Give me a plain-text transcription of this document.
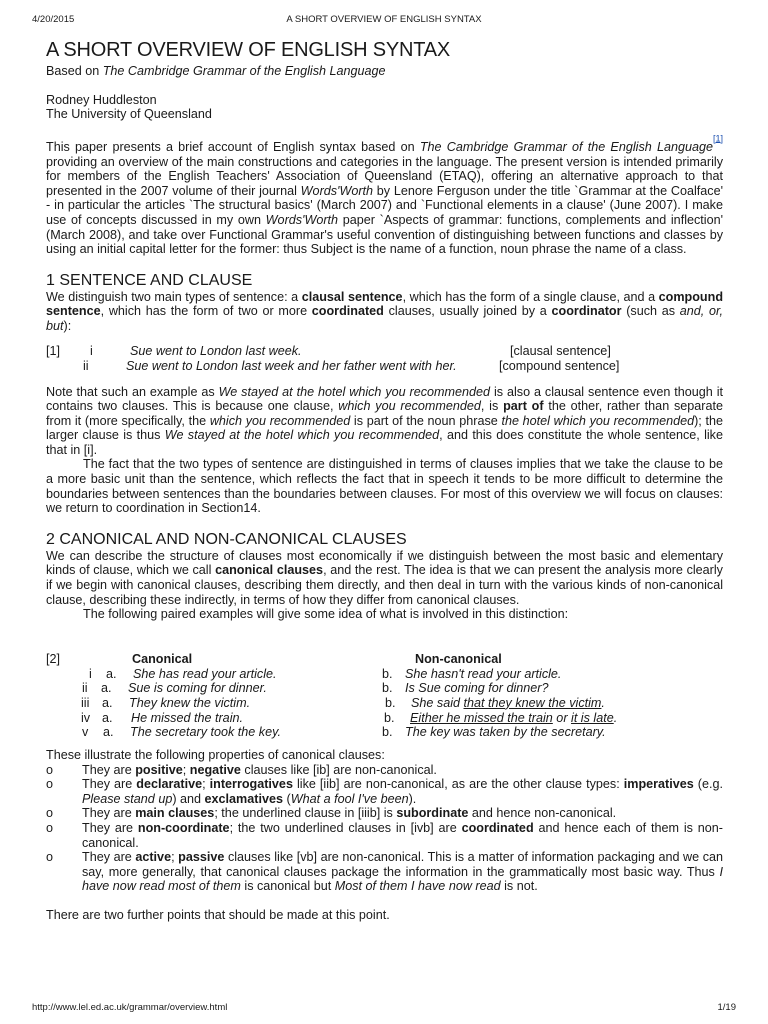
4/20/2015	A SHORT OVERVIEW OF ENGLISH SYNTAX
A SHORT OVERVIEW OF ENGLISH SYNTAX
Based on The Cambridge Grammar of the English Language
Rodney Huddleston
The University of Queensland

This paper presents a brief account of English syntax based on The Cambridge Grammar of the English Language[1] providing an overview of the main constructions and categories in the language. The present version is intended primarily for members of the English Teachers' Association of Queensland (ETAQ), offering an alternative approach to that presented in the 2007 volume of their journal Words'Worth by Lenore Ferguson under the title `Grammar at the Coalface' - in particular the articles `The structural basics' (March 2007) and `Functional elements in a clause' (June 2007). I make use of concepts discussed in my own Words'Worth paper `Aspects of grammar: functions, complements and inflection' (March 2008), and take over Functional Grammar's useful convention of distinguishing between functions and classes by using an initial capital letter for the former: thus Subject is the name of a function, noun phrase the name of a class.

1 SENTENCE AND CLAUSE

We distinguish two main types of sentence: a clausal sentence, which has the form of a single clause, and a compound sentence, which has the form of two or more coordinated clauses, usually joined by a coordinator (such as and, or, but):

[1] i	Sue went to London last week.	[clausal sentence]
ii	Sue went to London last week and her father went with her.	[compound sentence]

Note that such an example as We stayed at the hotel which you recommended is also a clausal sentence even though it contains two clauses. This is because one clause, which you recommended, is part of the other, rather than separate from it (more specifically, the which you recommended is part of the noun phrase the hotel which you recommended); the larger clause is thus We stayed at the hotel which you recommended, and this does constitute the whole sentence, like that in [i].

The fact that the two types of sentence are distinguished in terms of clauses implies that we take the clause to be a more basic unit than the sentence, which reflects the fact that in speech it tends to be more difficult to determine the boundaries between sentences than the boundaries between clauses. For most of this overview we will focus on clauses: we return to coordination in Section14.

2 CANONICAL AND NON-CANONICAL CLAUSES

We can describe the structure of clauses most economically if we distinguish between the most basic and elementary kinds of clause, which we call canonical clauses, and the rest. The idea is that we can present the analysis more clearly if we begin with canonical clauses, describing them directly, and then deal in turn with the various kinds of non-canonical clause, describing these indirectly, in terms of how they differ from canonical clauses.

The following paired examples will give some idea of what is involved in this distinction:

[2]	Canonical	Non-canonical
i a. She has read your article.	b. She hasn't read your article.
ii a. Sue is coming for dinner.	b. Is Sue coming for dinner?
iii a. They knew the victim.	b. She said that they knew the victim.
iv a. He missed the train.	b. Either he missed the train or it is late.
v a. The secretary took the key.	b. The key was taken by the secretary.

These illustrate the following properties of canonical clauses:

o They are positive; negative clauses like [ib] are non-canonical.
o They are declarative; interrogatives like [iib] are non-canonical, as are the other clause types: imperatives (e.g. Please stand up) and exclamatives (What a fool I've been).
o They are main clauses; the underlined clause in [iiib] is subordinate and hence non-canonical.
o They are non-coordinate; the two underlined clauses in [ivb] are coordinated and hence each of them is non-canonical.
o They are active; passive clauses like [vb] are non-canonical. This is a matter of information packaging and we can say, more generally, that canonical clauses package the information in the grammatically most basic way. Thus I have now read most of them is canonical but Most of them I have now read is not.

There are two further points that should be made at this point.

http://www.lel.ed.ac.uk/grammar/overview.html	1/19
